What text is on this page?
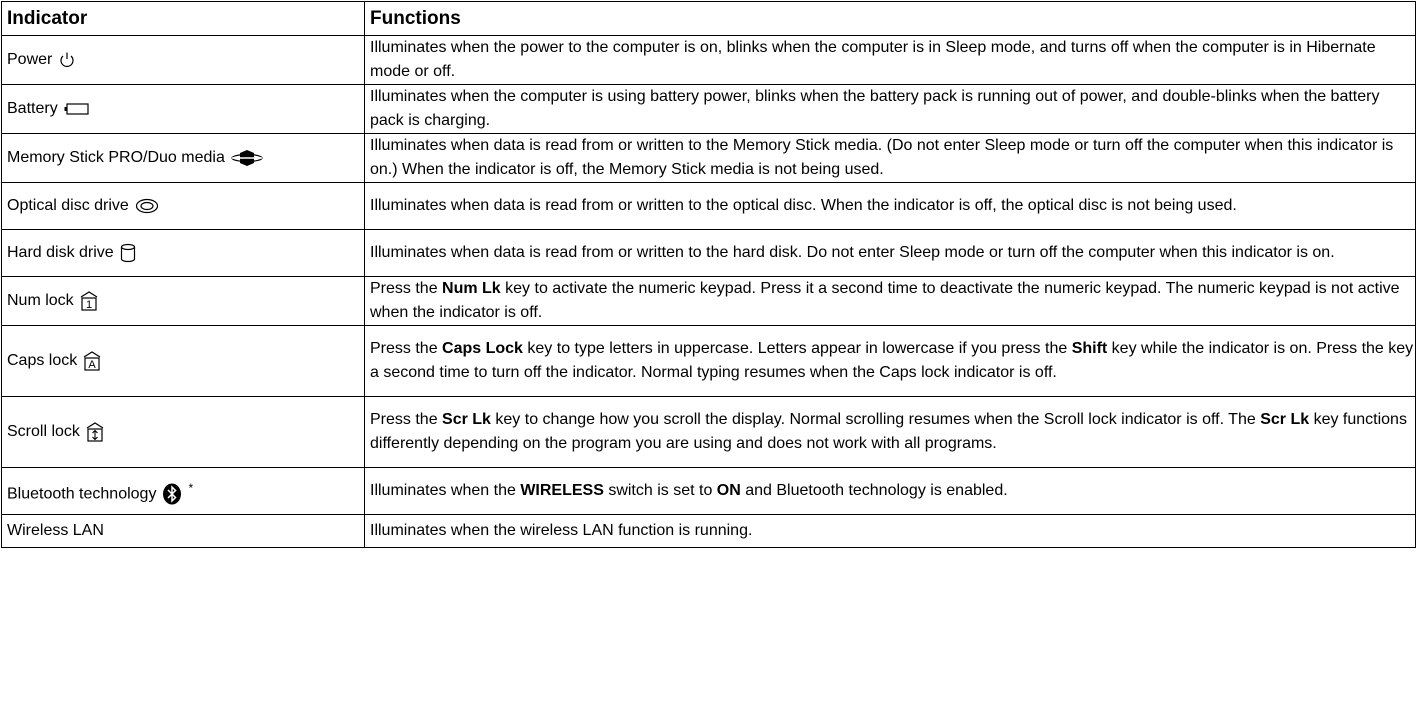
Indicator	Functions
Power	Illuminates when the power to the computer is on, blinks when the computer is in Sleep mode, and turns off when the computer is in Hibernate mode or off.
Battery	Illuminates when the computer is using battery power, blinks when the battery pack is running out of power, and double-blinks when the battery pack is charging.
Memory Stick PRO/Duo media	Illuminates when data is read from or written to the Memory Stick media. (Do not enter Sleep mode or turn off the computer when this indicator is on.) When the indicator is off, the Memory Stick media is not being used.
Optical disc drive	Illuminates when data is read from or written to the optical disc. When the indicator is off, the optical disc is not being used.
Hard disk drive	Illuminates when data is read from or written to the hard disk. Do not enter Sleep mode or turn off the computer when this indicator is on.
Num lock 1	Press the Num Lk key to activate the numeric keypad. Press it a second time to deactivate the numeric keypad. The numeric keypad is not active when the indicator is off.
Caps lock A	Press the Caps Lock key to type letters in uppercase. Letters appear in lowercase if you press the Shift key while the indicator is on. Press the key a second time to turn off the indicator. Normal typing resumes when the Caps lock indicator is off.
Scroll lock	Press the Scr Lk key to change how you scroll the display. Normal scrolling resumes when the Scroll lock indicator is off. The Scr Lk key functions differently depending on the program you are using and does not work with all programs.
Bluetooth technology *	Illuminates when the WIRELESS switch is set to ON and Bluetooth technology is enabled.
Wireless LAN	Illuminates when the wireless LAN function is running.
